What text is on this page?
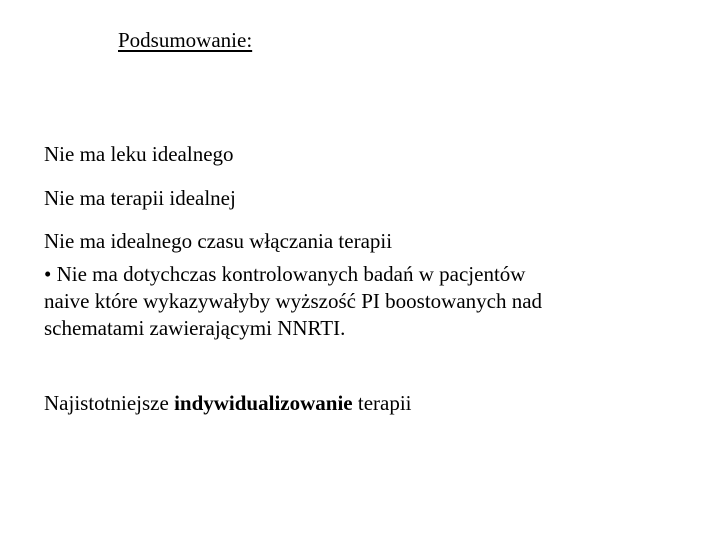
Podsumowanie:
Nie ma leku idealnego
Nie ma terapii idealnej
Nie ma idealnego czasu włączania terapii
• Nie ma dotychczas kontrolowanych badań w pacjentów
naive które wykazywałyby wyższość PI boostowanych nad
schematami zawierającymi NNRTI.
Najistotniejsze indywidualizowanie terapii
